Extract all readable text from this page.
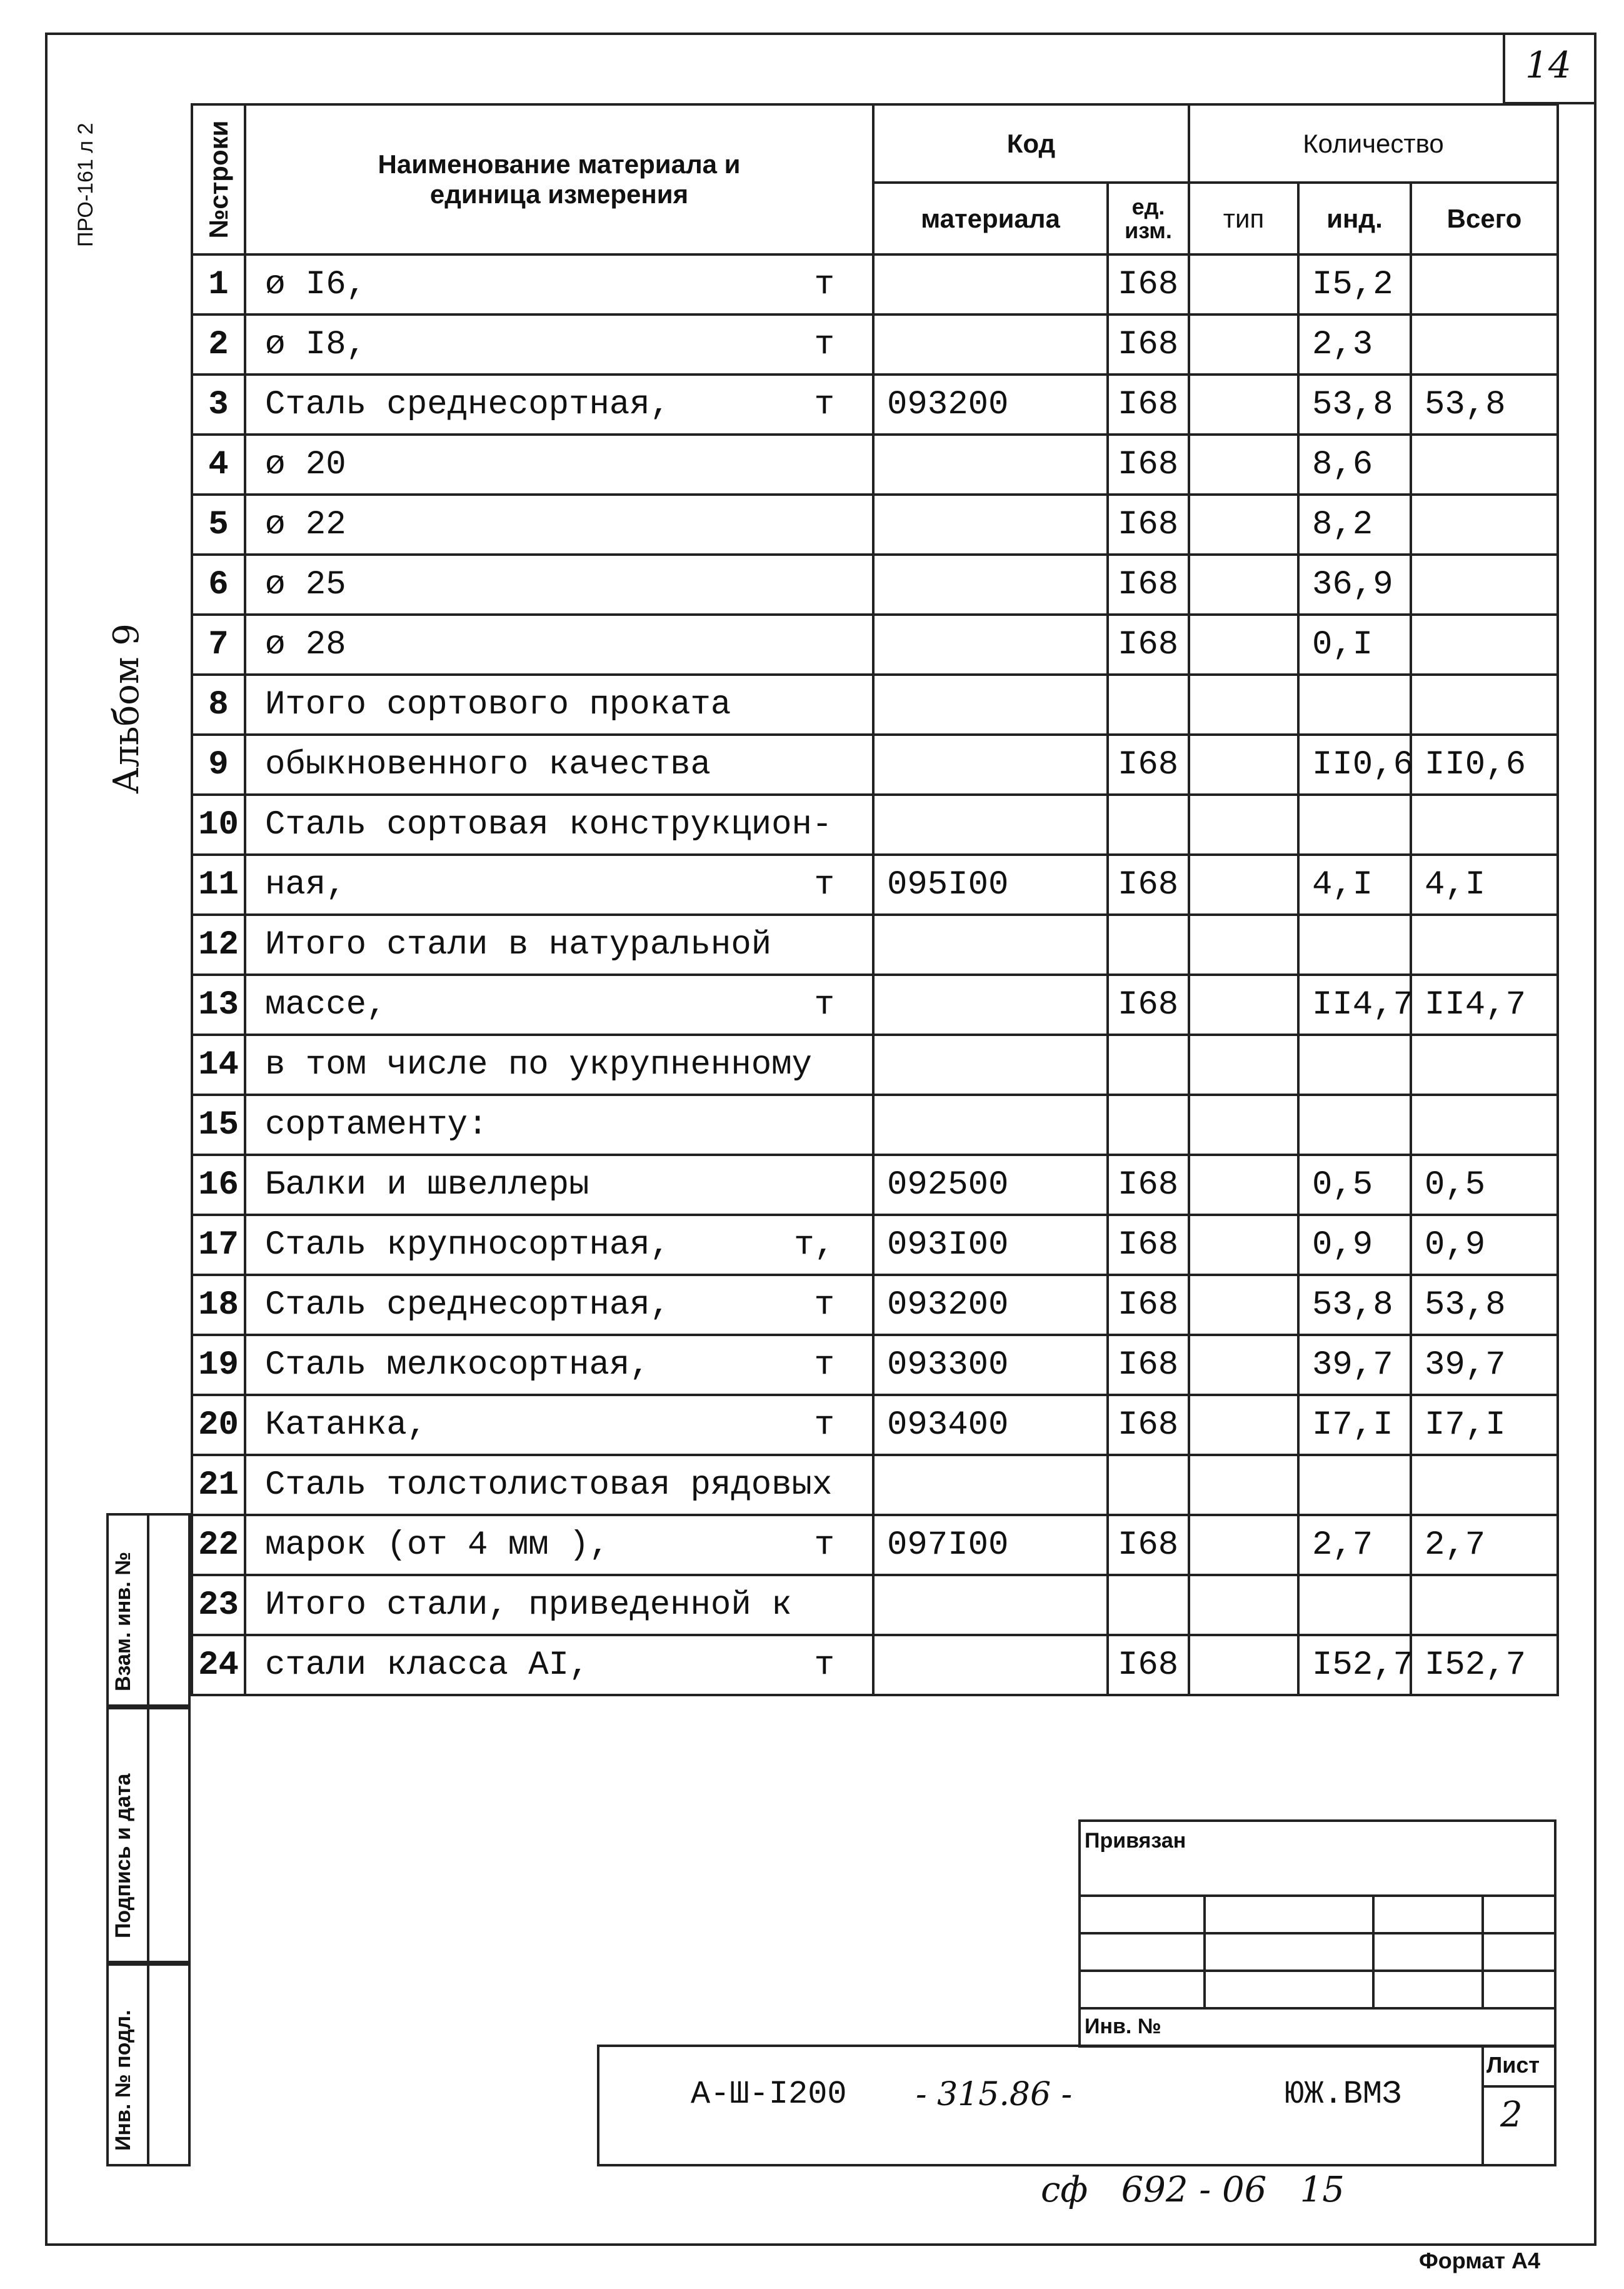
14
ПРО-161 л 2
Альбом 9
Взам. инв. №
Подпись и дата
Инв. № подл.
№строки	Наименование материала и единица измерения	Код		Количество		
		материала	ед. изм.	тип	инд.	Всего
1	ø I6, т		I68		I5,2	
2	ø I8, т		I68		2,3	
3	Сталь среднесортная, т	093200	I68		53,8	53,8
4	ø 20		I68		8,6	
5	ø 22		I68		8,2	
6	ø 25		I68		36,9	
7	ø 28		I68		0,I	
8	Итого сортового проката

9	обыкновенного качества		I68		II0,6	II0,6
10	Сталь сортовая конструкцион-

11	ная, т	095I00	I68		4,I	4,I
12	Итого стали в натуральной

13	массе, т		I68		II4,7	II4,7
14	в том числе по укрупненному

15	сортаменту:

16	Балки и швеллеры	092500	I68		0,5	0,5
17	Сталь крупносортная, т,	093I00	I68		0,9	0,9
18	Сталь среднесортная, т	093200	I68		53,8	53,8
19	Сталь мелкосортная, т	093300	I68		39,7	39,7
20	Катанка, т	093400	I68		I7,I	I7,I
21	Сталь толстолистовая рядовых

22	марок (от 4 мм ), т	097I00	I68		2,7	2,7
23	Итого стали, приведенной к

24	стали класса AI, т		I68		I52,7	I52,7
Привязан
Инв. №
А-Ш-I200 - 315.86 -	ЮЖ.ВМЗ
Лист
2
сф   692 - 06   15
Формат А4
